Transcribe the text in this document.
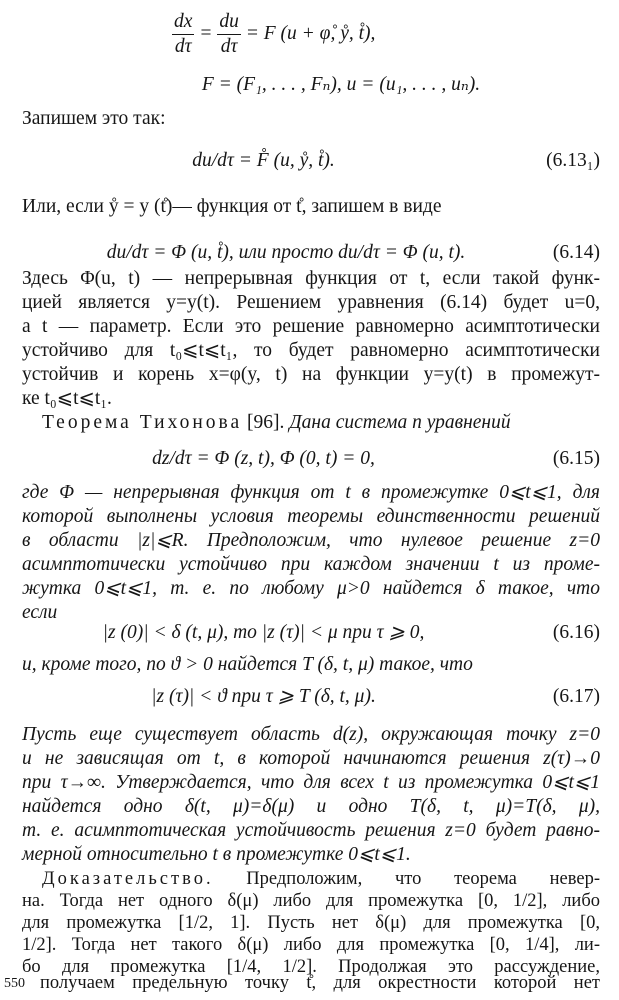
$\frac{dx}{d\tau} = \frac{du}{d\tau} = F$ (u + φ̊, ẙ, t̊),
F = (F₁, . . . , Fₙ), u = (u₁, . . . , uₙ).
Запишем это так:
du/dτ = F̊ (u, ẙ, t̊).	(6.13₁)
Или, если ẙ = y (t̊)— функция от t̊, запишем в виде
du/dτ = Φ (u, t̊), или просто du/dτ = Φ (u, t).	(6.14)
Здесь Φ(u, t) — непрерывная функция от t, если такой функ-
цией является y=y(t). Решением уравнения (6.14) будет u=0,
а t — параметр. Если это решение равномерно асимптотически
устойчиво для t₀⩽t⩽t₁, то будет равномерно асимптотически
устойчив и корень x=φ(y, t) на функции y=y(t) в промежут-
ке t₀⩽t⩽t₁.
Теорема Тихонова [96]. Дана система n уравнений
dz/dτ = Φ (z, t), Φ (0, t) = 0,	(6.15)
где Φ — непрерывная функция от t в промежутке 0⩽t⩽1, для
которой выполнены условия теоремы единственности решений
в области |z|⩽R. Предположим, что нулевое решение z=0
асимптотически устойчиво при каждом значении t из проме-
жутка 0⩽t⩽1, т. е. по любому μ>0 найдется δ такое, что
если
|z (0)| < δ (t, μ), то |z (τ)| < μ при τ ⩾ 0,	(6.16)
и, кроме того, по ϑ > 0 найдется T (δ, t, μ) такое, что
|z (τ)| < ϑ при τ ⩾ T (δ, t, μ).	(6.17)
Пусть еще существует область d(z), окружающая точку z=0
и не зависящая от t, в которой начинаются решения z(τ)→0
при τ→∞. Утверждается, что для всех t из промежутка 0⩽t⩽1
найдется одно δ(t, μ)=δ(μ) и одно T(δ, t, μ)=T(δ, μ),
т. е. асимптотическая устойчивость решения z=0 будет равно-
мерной относительно t в промежутке 0⩽t⩽1.
Доказательство. Предположим, что теорема невер-
на. Тогда нет одного δ(μ) либо для промежутка [0, 1/2], либо
550
для промежутка [1/2, 1]. Пусть нет δ(μ) для промежутка [0,
1/2]. Тогда нет такого δ(μ) либо для промежутка [0, 1/4], ли-
бо для промежутка [1/4, 1/2]. Продолжая это рассуждение,
получаем предельную точку t̊, для окрестности которой нет
